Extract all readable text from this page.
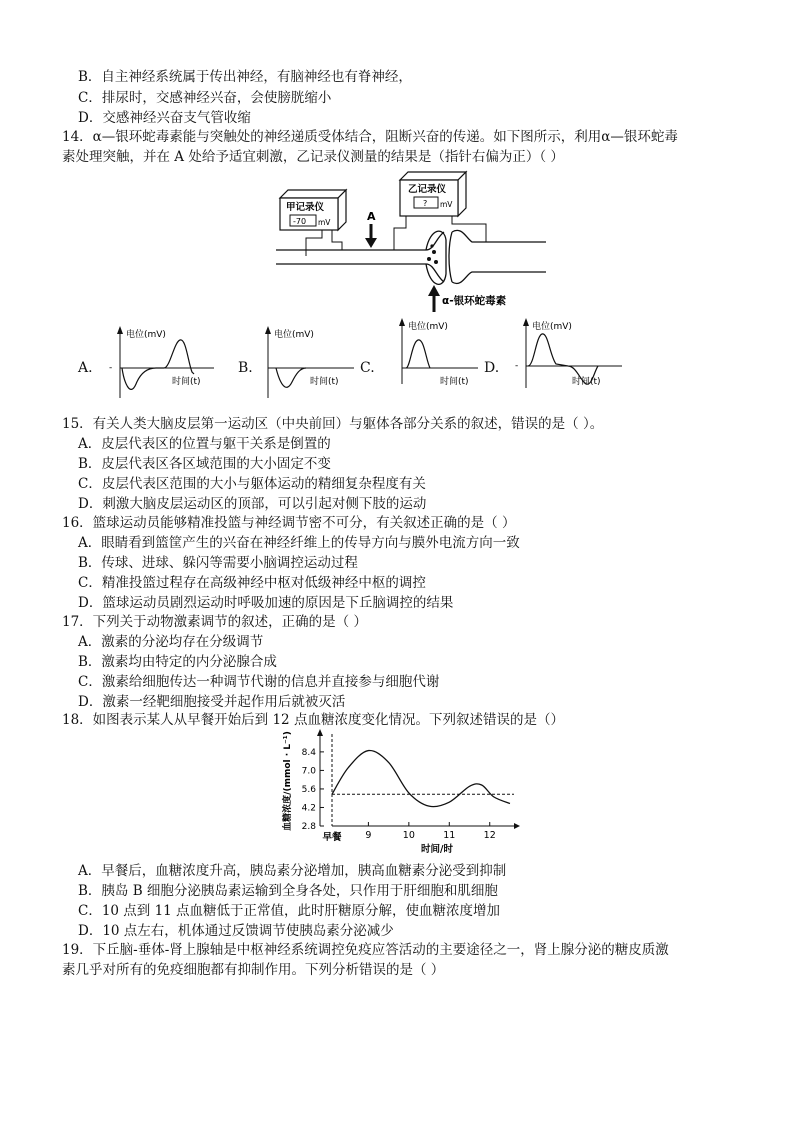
B．自主神经系统属于传出神经，有脑神经也有脊神经，
C．排尿时，交感神经兴奋，会使膀胱缩小
D．交感神经兴奋支气管收缩
14．α—银环蛇毒素能与突触处的神经递质受体结合，阻断兴奋的传递。如下图所示，利用α—银环蛇毒
素处理突触，并在 A 处给予适宜刺激，乙记录仪测量的结果是（指针右偏为正）（ ）
甲记录仪
-70 mV
乙记录仪
? mV
A
α-银环蛇毒素
A.	B.	C.	D.
电位(mV)
时间(t)
-
电位(mV)
时间(t)
电位(mV)
时间(t)
电位(mV)
时间(t)
-
15．有关人类大脑皮层第一运动区（中央前回）与躯体各部分关系的叙述，错误的是（ ）。
A．皮层代表区的位置与躯干关系是倒置的
B．皮层代表区各区域范围的大小固定不变
C．皮层代表区范围的大小与躯体运动的精细复杂程度有关
D．刺激大脑皮层运动区的顶部，可以引起对侧下肢的运动
16．篮球运动员能够精准投篮与神经调节密不可分，有关叙述正确的是（ ）
A．眼睛看到篮筐产生的兴奋在神经纤维上的传导方向与膜外电流方向一致
B．传球、进球、躲闪等需要小脑调控运动过程
C．精准投篮过程存在高级神经中枢对低级神经中枢的调控
D．篮球运动员剧烈运动时呼吸加速的原因是下丘脑调控的结果
17．下列关于动物激素调节的叙述，正确的是（ ）
A．激素的分泌均存在分级调节
B．激素均由特定的内分泌腺合成
C．激素给细胞传达一种调节代谢的信息并直接参与细胞代谢
D．激素一经靶细胞接受并起作用后就被灭活
18．如图表示某人从早餐开始后到 12 点血糖浓度变化情况。下列叙述错误的是（）
2.8
4.2
5.6
7.0
8.4
9	10	11	12
早餐
时间/时
血糖浓度/(mmol · L⁻¹)
A．早餐后，血糖浓度升高，胰岛素分泌增加，胰高血糖素分泌受到抑制
B．胰岛 B 细胞分泌胰岛素运输到全身各处，只作用于肝细胞和肌细胞
C．10 点到 11 点血糖低于正常值，此时肝糖原分解，使血糖浓度增加
D．10 点左右，机体通过反馈调节使胰岛素分泌减少
19．下丘脑-垂体-肾上腺轴是中枢神经系统调控免疫应答活动的主要途径之一，肾上腺分泌的糖皮质激
素几乎对所有的免疫细胞都有抑制作用。下列分析错误的是（ ）
